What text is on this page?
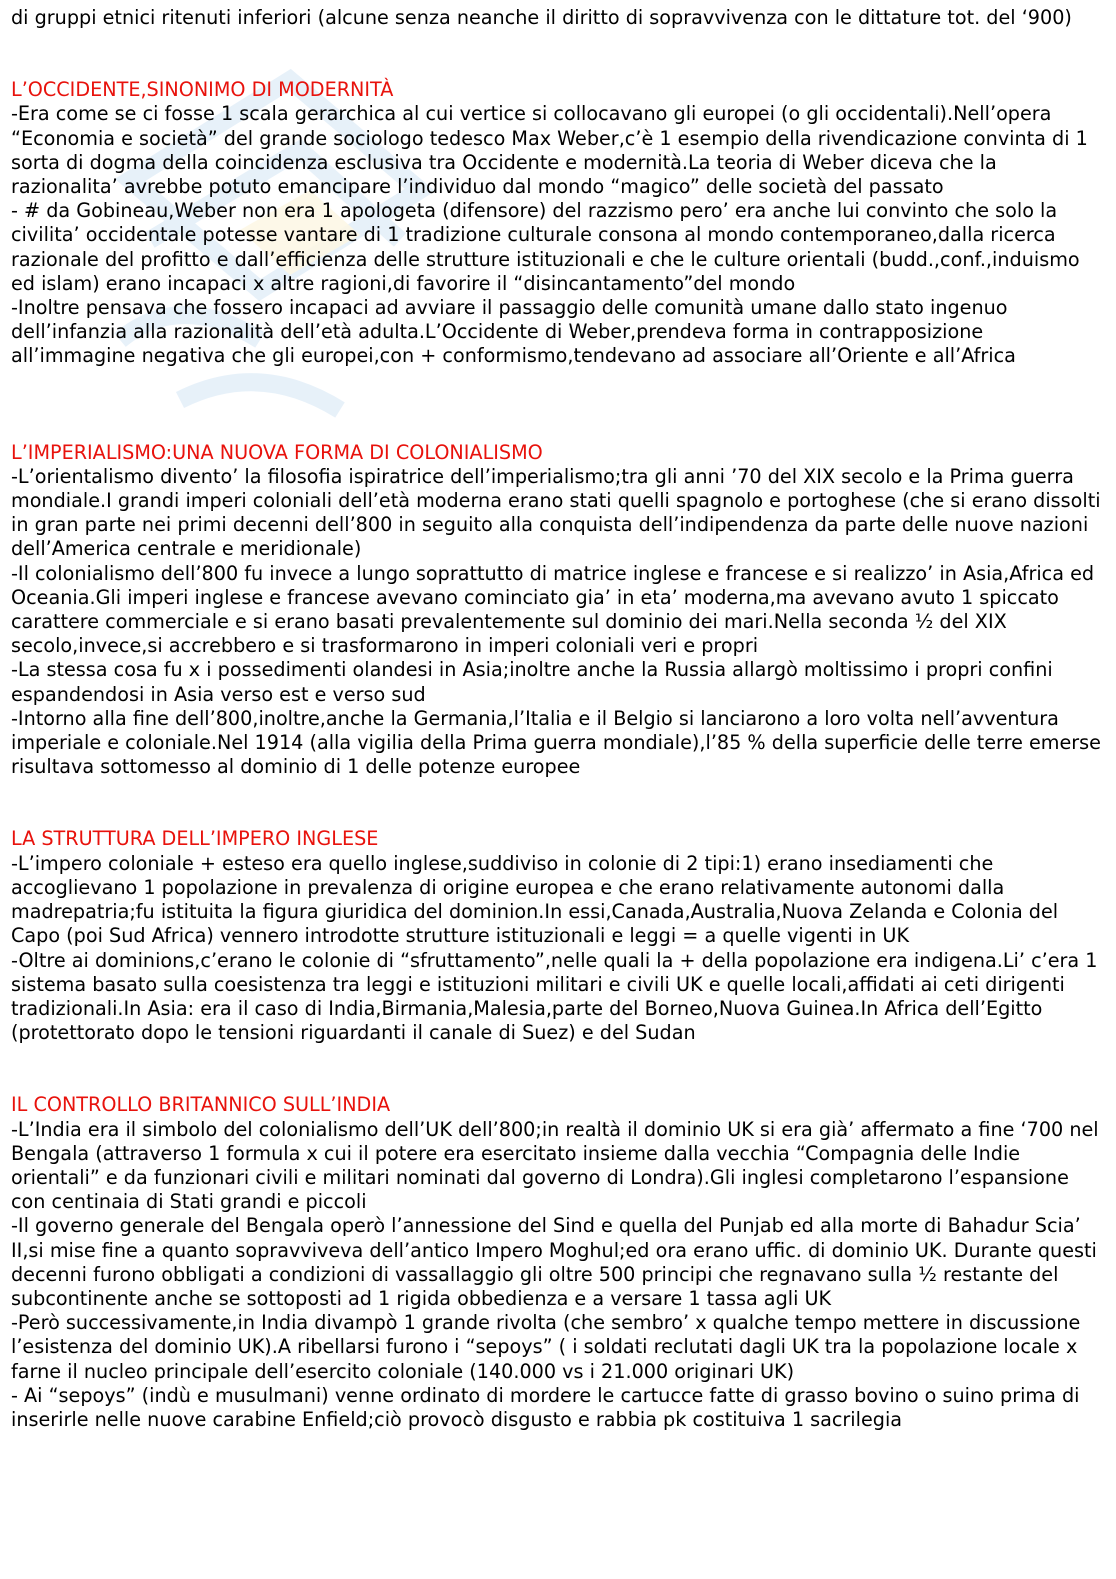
di gruppi etnici ritenuti inferiori (alcune senza neanche il diritto di sopravvivenza con le dittature tot. del ‘900)

L’OCCIDENTE,SINONIMO DI MODERNITÀ

-Era come se ci fosse 1 scala gerarchica al cui vertice si collocavano gli europei (o gli occidentali).Nell’opera “Economia e società” del grande sociologo tedesco Max Weber,c’è 1 esempio della rivendicazione convinta di 1 sorta di dogma della coincidenza esclusiva tra Occidente e modernità.La teoria di Weber diceva che la razionalita’ avrebbe potuto emancipare l’individuo dal mondo “magico” delle società del passato

- # da Gobineau,Weber non era 1 apologeta (difensore) del razzismo pero’ era anche lui convinto che solo la civilita’ occidentale potesse vantare di 1 tradizione culturale consona al mondo contemporaneo,dalla ricerca razionale del profitto e dall’efficienza delle strutture istituzionali e che le culture orientali (budd.,conf.,induismo ed islam) erano incapaci x altre ragioni,di favorire il “disincantamento”del mondo

-Inoltre pensava che fossero incapaci ad avviare il passaggio delle comunità umane dallo stato ingenuo dell’infanzia alla razionalità dell’età adulta.L’Occidente di Weber,prendeva forma in contrapposizione all’immagine negativa che gli europei,con + conformismo,tendevano ad associare all’Oriente e all’Africa

L’IMPERIALISMO:UNA NUOVA FORMA DI COLONIALISMO

-L’orientalismo divento’ la filosofia ispiratrice dell’imperialismo;tra gli anni ’70 del XIX secolo e la Prima guerra mondiale.I grandi imperi coloniali dell’età moderna erano stati quelli spagnolo e portoghese (che si erano dissolti in gran parte nei primi decenni dell’800 in seguito alla conquista dell’indipendenza da parte delle nuove nazioni dell’America centrale e meridionale)

-Il colonialismo dell’800 fu invece a lungo soprattutto di matrice inglese e francese e si realizzo’ in Asia,Africa ed Oceania.Gli imperi inglese e francese avevano cominciato gia’ in eta’ moderna,ma avevano avuto 1 spiccato carattere commerciale e si erano basati prevalentemente sul dominio dei mari.Nella seconda ½ del XIX secolo,invece,si accrebbero e si trasformarono in imperi coloniali veri e propri

-La stessa cosa fu x i possedimenti olandesi in Asia;inoltre anche la Russia allargò moltissimo i propri confini espandendosi in Asia verso est e verso sud

-Intorno alla fine dell’800,inoltre,anche la Germania,l’Italia e il Belgio si lanciarono a loro volta nell’avventura imperiale e coloniale.Nel 1914 (alla vigilia della Prima guerra mondiale),l’85 % della superficie delle terre emerse risultava sottomesso al dominio di 1 delle potenze europee

LA STRUTTURA DELL’IMPERO INGLESE

-L’impero coloniale + esteso era quello inglese,suddiviso in colonie di 2 tipi:1) erano insediamenti che accoglievano 1 popolazione in prevalenza di origine europea e che erano relativamente autonomi dalla madrepatria;fu istituita la figura giuridica del dominion.In essi,Canada,Australia,Nuova Zelanda e Colonia del Capo (poi Sud Africa) vennero introdotte strutture istituzionali e leggi = a quelle vigenti in UK

-Oltre ai dominions,c’erano le colonie di “sfruttamento”,nelle quali la + della popolazione era indigena.Li’ c’era 1 sistema basato sulla coesistenza tra leggi e istituzioni militari e civili UK e quelle locali,affidati ai ceti dirigenti tradizionali.In Asia: era il caso di India,Birmania,Malesia,parte del Borneo,Nuova Guinea.In Africa dell’Egitto (protettorato dopo le tensioni riguardanti il canale di Suez) e del Sudan

IL CONTROLLO BRITANNICO SULL’INDIA

-L’India era il simbolo del colonialismo dell’UK dell’800;in realtà il dominio UK si era già’ affermato a fine ‘700 nel Bengala (attraverso 1 formula x cui il potere era esercitato insieme dalla vecchia “Compagnia delle Indie orientali” e da funzionari civili e militari nominati dal governo di Londra).Gli inglesi completarono l’espansione con centinaia di Stati grandi e piccoli

-Il governo generale del Bengala operò l’annessione del Sind e quella del Punjab ed alla morte di Bahadur Scia’ II,si mise fine a quanto sopravviveva dell’antico Impero Moghul;ed ora erano uffic. di dominio UK. Durante questi decenni furono obbligati a condizioni di vassallaggio gli oltre 500 principi che regnavano sulla ½ restante del subcontinente anche se sottoposti ad 1 rigida obbedienza e a versare 1 tassa agli UK

-Però successivamente,in India divampò 1 grande rivolta (che sembro’ x qualche tempo mettere in discussione l’esistenza del dominio UK).A ribellarsi furono i “sepoys” ( i soldati reclutati dagli UK tra la popolazione locale x farne il nucleo principale dell’esercito coloniale (140.000 vs i 21.000 originari UK)

- Ai “sepoys” (indù e musulmani) venne ordinato di mordere le cartucce fatte di grasso bovino o suino prima di inserirle nelle nuove carabine Enfield;ciò provocò disgusto e rabbia pk costituiva 1 sacrilegia
